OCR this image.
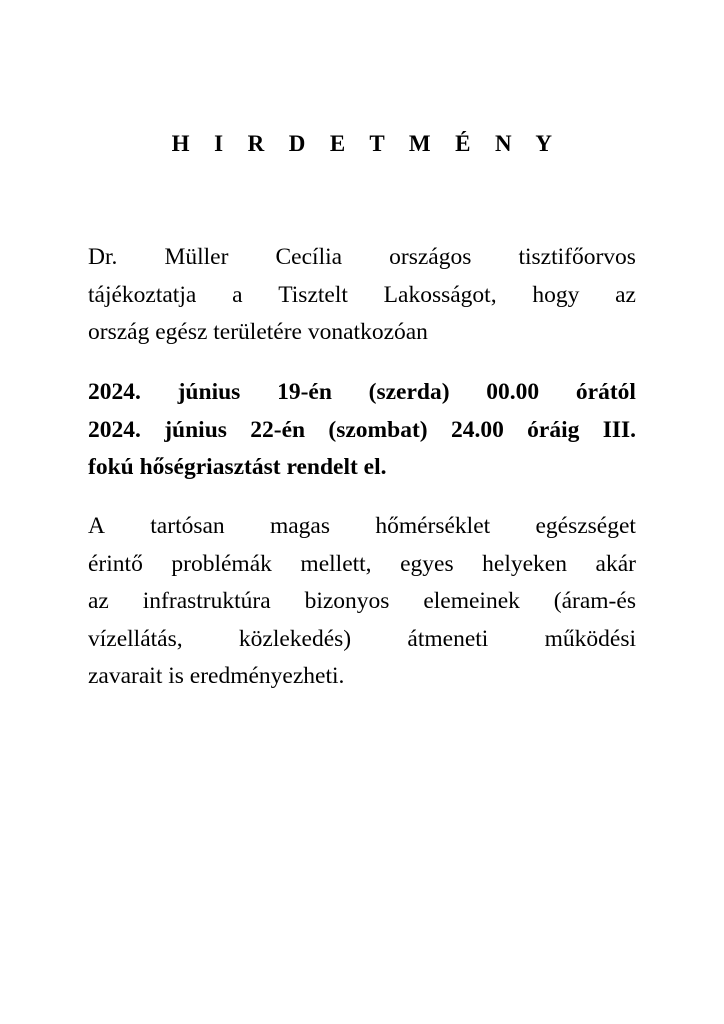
H I R D E T M É N Y
Dr. Müller Cecília országos tisztifőorvos
tájékoztatja a Tisztelt Lakosságot, hogy az
ország egész területére vonatkozóan
2024. június 19-én (szerda) 00.00 órától
2024. június 22-én (szombat) 24.00 óráig III.
fokú hőségriasztást rendelt el.
A tartósan magas hőmérséklet egészséget
érintő problémák mellett, egyes helyeken akár
az infrastruktúra bizonyos elemeinek (áram-és
vízellátás, közlekedés) átmeneti működési
zavarait is eredményezheti.
